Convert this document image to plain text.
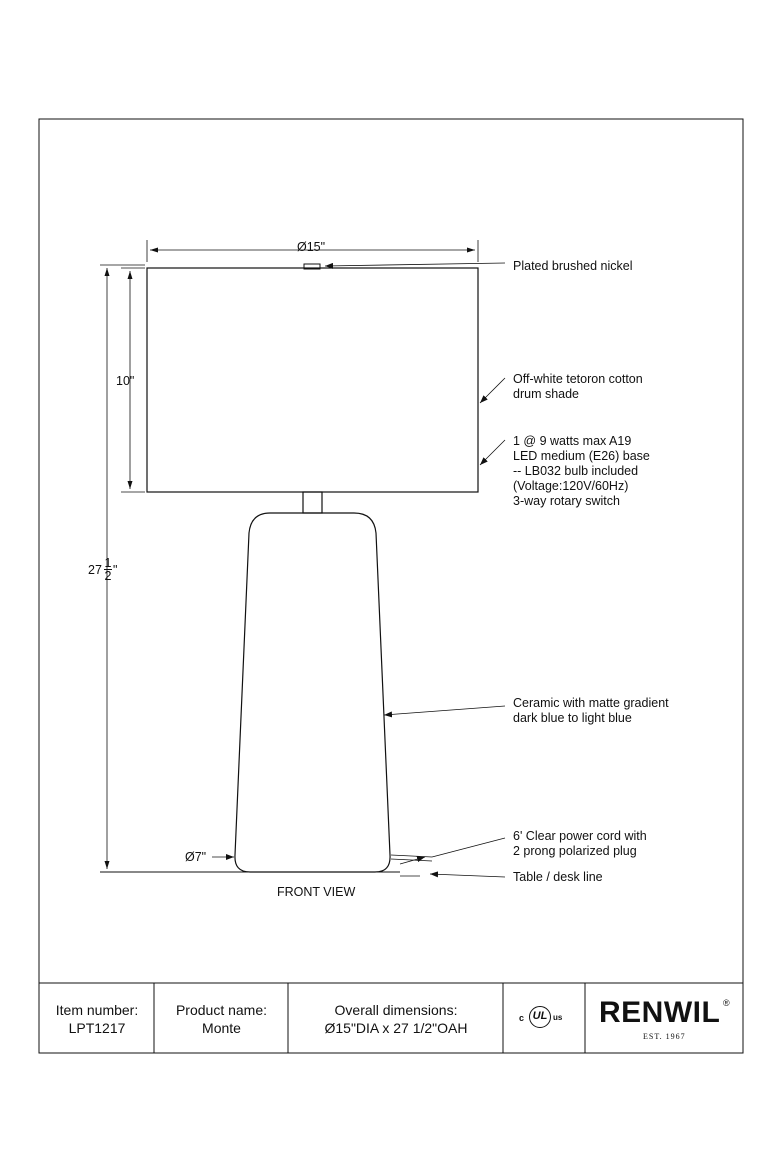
Ø15"
10"
27 1
2 "
Ø7"
Plated brushed nickel
Off-white tetoron cotton
drum shade
1 @ 9 watts max A19
LED medium (E26) base
-- LB032 bulb included
(Voltage:120V/60Hz)
3-way rotary switch
Ceramic with matte gradient
dark blue to light blue
6' Clear power cord with
2 prong polarized plug
Table / desk line
FRONT VIEW
Item number:
LPT1217
Product name:
Monte
Overall dimensions:
Ø15"DIA x 27 1/2"OAH
c UL us RENWIL ®
EST. 1967
